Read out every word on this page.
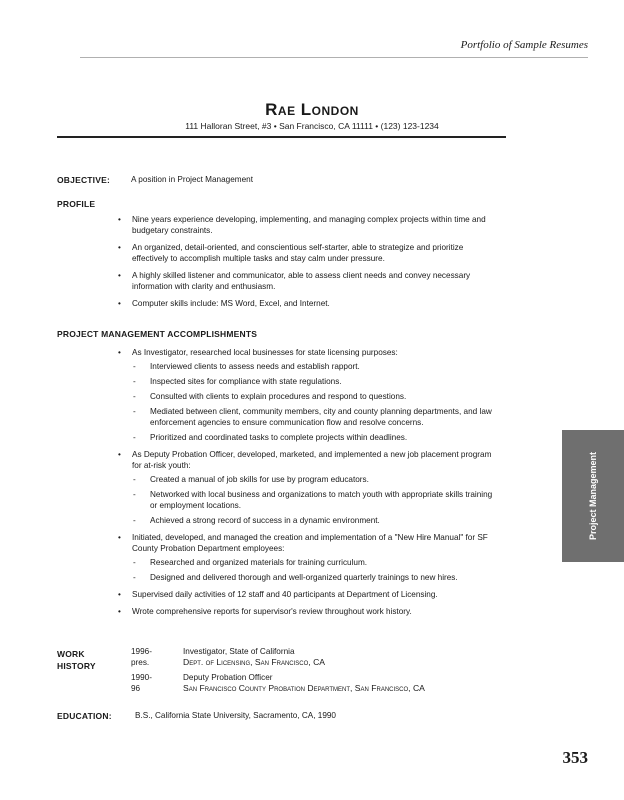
Portfolio of Sample Resumes
Rae London
111 Halloran Street, #3 • San Francisco, CA 11111 • (123) 123-1234
OBJECTIVE:	A position in Project Management
PROFILE
• Nine years experience developing, implementing, and managing complex projects within time and budgetary constraints.
• An organized, detail-oriented, and conscientious self-starter, able to strategize and prioritize effectively to accomplish multiple tasks and stay calm under pressure.
• A highly skilled listener and communicator, able to assess client needs and convey necessary information with clarity and enthusiasm.
• Computer skills include: MS Word, Excel, and Internet.
PROJECT MANAGEMENT ACCOMPLISHMENTS
• As Investigator, researched local businesses for state licensing purposes:
- Interviewed clients to assess needs and establish rapport.
- Inspected sites for compliance with state regulations.
- Consulted with clients to explain procedures and respond to questions.
- Mediated between client, community members, city and county planning departments, and law enforcement agencies to ensure communication flow and resolve concerns.
- Prioritized and coordinated tasks to complete projects within deadlines.
• As Deputy Probation Officer, developed, marketed, and implemented a new job placement program for at-risk youth:
- Created a manual of job skills for use by program educators.
- Networked with local business and organizations to match youth with appropriate skills training or employment locations.
- Achieved a strong record of success in a dynamic environment.
• Initiated, developed, and managed the creation and implementation of a "New Hire Manual" for SF County Probation Department employees:
- Researched and organized materials for training curriculum.
- Designed and delivered thorough and well-organized quarterly trainings to new hires.
• Supervised daily activities of 12 staff and 40 participants at Department of Licensing.
• Wrote comprehensive reports for supervisor's review throughout work history.
WORK
HISTORY
1996-pres.
Investigator, State of California
Dept. of Licensing, San Francisco, CA
1990-96
Deputy Probation Officer
San Francisco County Probation Department, San Francisco, CA
EDUCATION:	B.S., California State University, Sacramento, CA, 1990
Project Management
353
